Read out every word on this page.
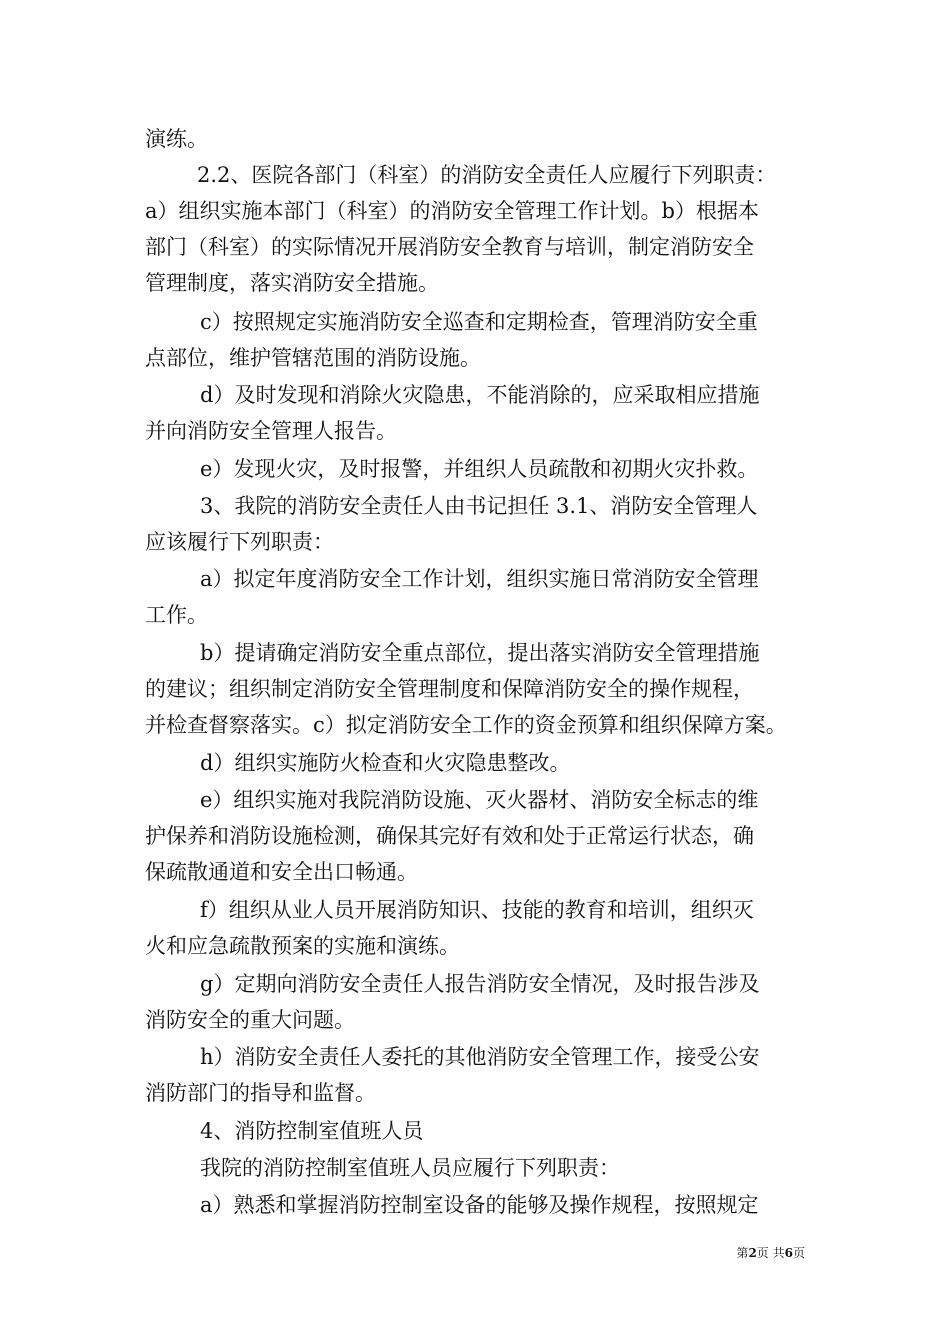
演练。
2.2、医院各部门（科室）的消防安全责任人应履行下列职责：
a）组织实施本部门（科室）的消防安全管理工作计划。b）根据本
部门（科室）的实际情况开展消防安全教育与培训，制定消防安全
管理制度，落实消防安全措施。
c）按照规定实施消防安全巡查和定期检查，管理消防安全重
点部位，维护管辖范围的消防设施。
d）及时发现和消除火灾隐患，不能消除的，应采取相应措施
并向消防安全管理人报告。
e）发现火灾，及时报警，并组织人员疏散和初期火灾扑救。
3、我院的消防安全责任人由书记担任 3.1、消防安全管理人
应该履行下列职责：
a）拟定年度消防安全工作计划，组织实施日常消防安全管理
工作。
b）提请确定消防安全重点部位，提出落实消防安全管理措施
的建议；组织制定消防安全管理制度和保障消防安全的操作规程，
并检查督察落实。c）拟定消防安全工作的资金预算和组织保障方案。
d）组织实施防火检查和火灾隐患整改。
e）组织实施对我院消防设施、灭火器材、消防安全标志的维
护保养和消防设施检测，确保其完好有效和处于正常运行状态，确
保疏散通道和安全出口畅通。
f）组织从业人员开展消防知识、技能的教育和培训，组织灭
火和应急疏散预案的实施和演练。
g）定期向消防安全责任人报告消防安全情况，及时报告涉及
消防安全的重大问题。
h）消防安全责任人委托的其他消防安全管理工作，接受公安
消防部门的指导和监督。
4、消防控制室值班人员
我院的消防控制室值班人员应履行下列职责：
a）熟悉和掌握消防控制室设备的能够及操作规程，按照规定
第2页 共6页
